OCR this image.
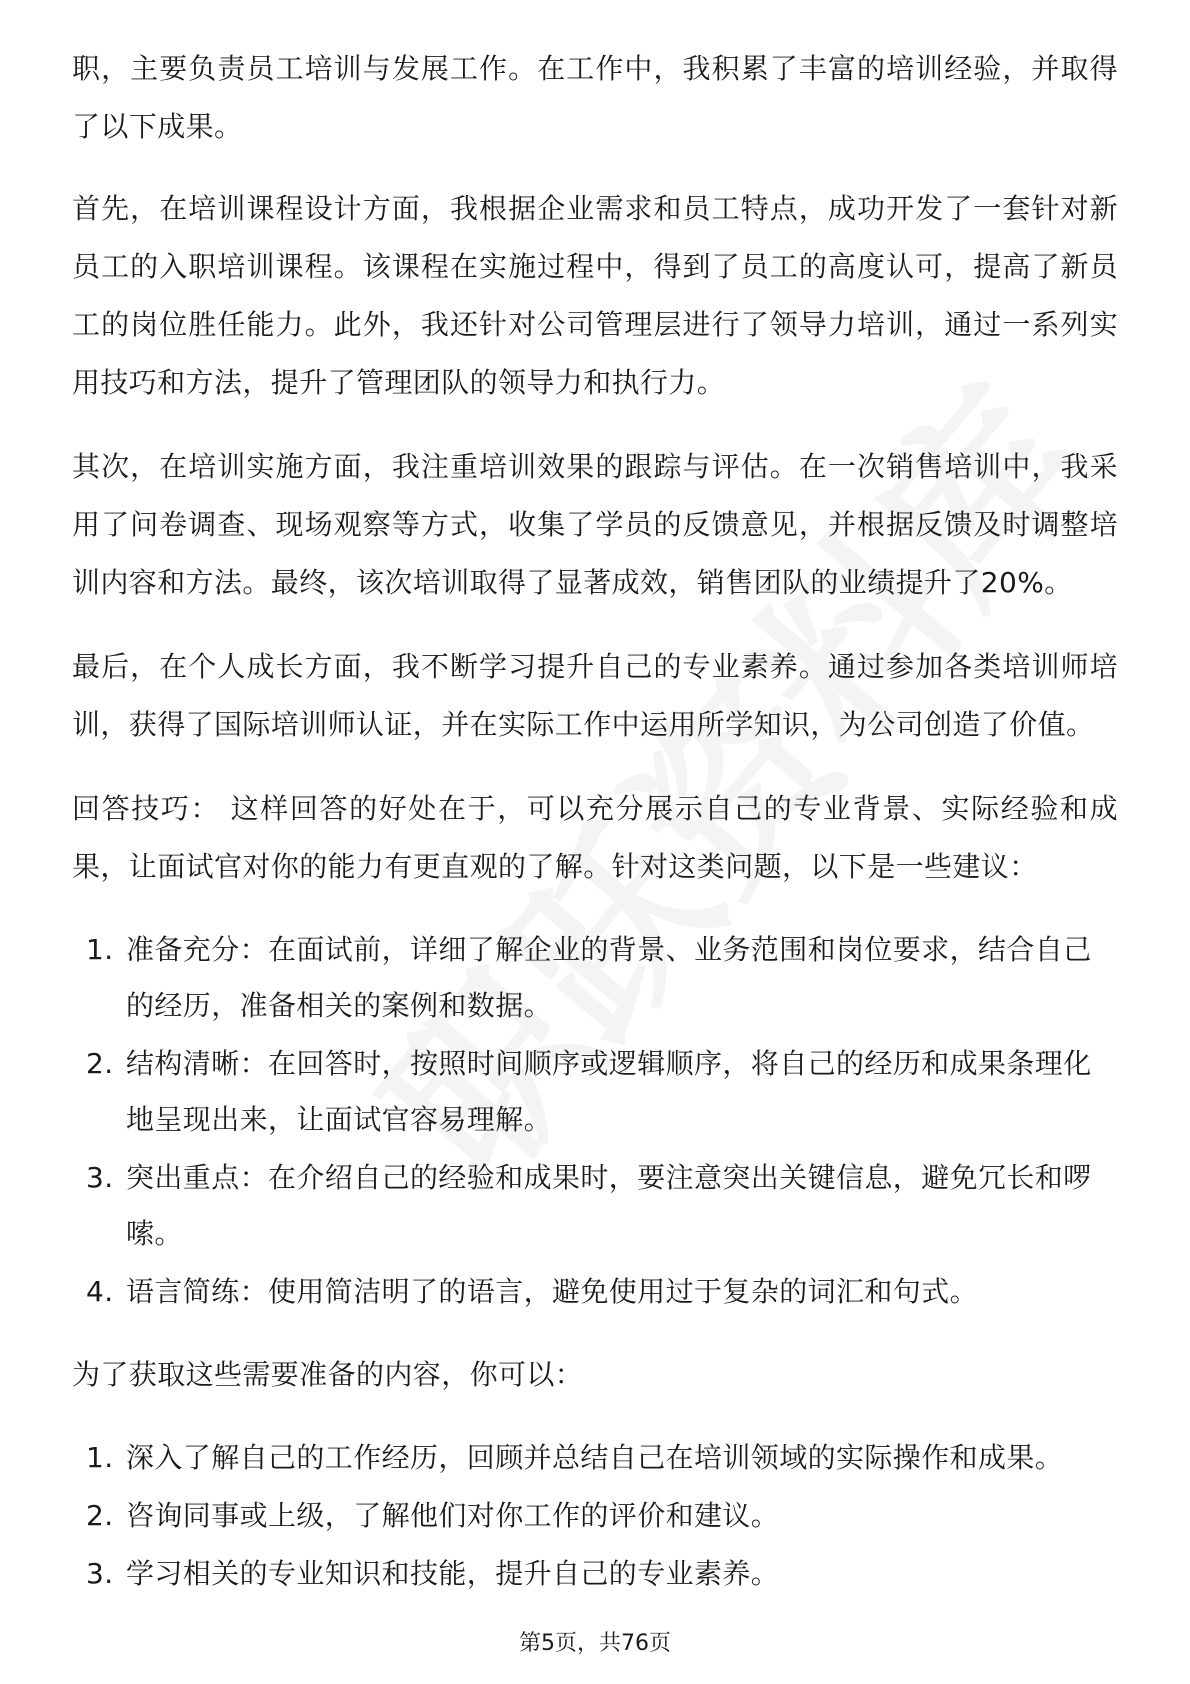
职，主要负责员工培训与发展工作。在工作中，我积累了丰富的培训经验，并取得了以下成果。

首先，在培训课程设计方面，我根据企业需求和员工特点，成功开发了一套针对新员工的入职培训课程。该课程在实施过程中，得到了员工的高度认可，提高了新员工的岗位胜任能力。此外，我还针对公司管理层进行了领导力培训，通过一系列实用技巧和方法，提升了管理团队的领导力和执行力。

其次，在培训实施方面，我注重培训效果的跟踪与评估。在一次销售培训中，我采用了问卷调查、现场观察等方式，收集了学员的反馈意见，并根据反馈及时调整培训内容和方法。最终，该次培训取得了显著成效，销售团队的业绩提升了20%。

最后，在个人成长方面，我不断学习提升自己的专业素养。通过参加各类培训师培训，获得了国际培训师认证，并在实际工作中运用所学知识，为公司创造了价值。

回答技巧： 这样回答的好处在于，可以充分展示自己的专业背景、实际经验和成果，让面试官对你的能力有更直观的了解。针对这类问题，以下是一些建议：

1. 准备充分：在面试前，详细了解企业的背景、业务范围和岗位要求，结合自己的经历，准备相关的案例和数据。
2. 结构清晰：在回答时，按照时间顺序或逻辑顺序，将自己的经历和成果条理化地呈现出来，让面试官容易理解。
3. 突出重点：在介绍自己的经验和成果时，要注意突出关键信息，避免冗长和啰嗦。
4. 语言简练：使用简洁明了的语言，避免使用过于复杂的词汇和句式。

为了获取这些需要准备的内容，你可以：

1. 深入了解自己的工作经历，回顾并总结自己在培训领域的实际操作和成果。
2. 咨询同事或上级，了解他们对你工作的评价和建议。
3. 学习相关的专业知识和技能，提升自己的专业素养。
第5页，共76页
